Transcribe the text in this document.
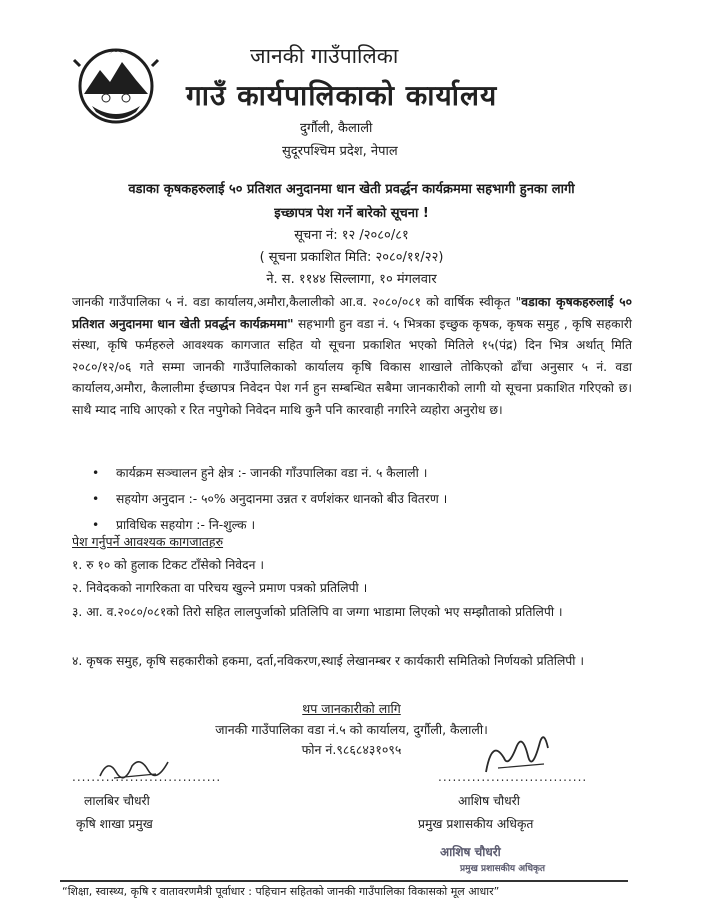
जानकी गाउँपालिका
गाउँ कार्यपालिकाको कार्यालय
दुर्गौली, कैलाली
सुदूरपश्चिम प्रदेश, नेपाल
वडाका कृषकहरुलाई ५० प्रतिशत अनुदानमा धान खेती प्रवर्द्धन कार्यक्रममा सहभागी हुनका लागी
इच्छापत्र पेश गर्ने बारेको सूचना !
सूचना नं: १२ /२०८०/८१
( सूचना प्रकाशित मिति: २०८०/११/२२)
ने. स. ११४४ सिल्लागा, १० मंगलवार
जानकी गाउँपालिका ५ नं. वडा कार्यालय,अमौरा,कैलालीको आ.व. २०८०/०८१ को वार्षिक स्वीकृत "वडाका कृषकहरुलाई ५० प्रतिशत अनुदानमा धान खेती प्रवर्द्धन कार्यक्रममा" सहभागी हुन वडा नं. ५ भित्रका इच्छुक कृषक, कृषक समुह , कृषि सहकारी संस्था, कृषि फर्महरुले आवश्यक कागजात सहित यो सूचना प्रकाशित भएको मितिले १५(पंद्र) दिन भित्र अर्थात् मिति २०८०/१२/०६ गते सम्मा जानकी गाउँपालिकाको कार्यालय कृषि विकास शाखाले तोकिएको ढाँचा अनुसार ५ नं. वडा कार्यालय,अमौरा, कैलालीमा ईच्छापत्र निवेदन पेश गर्न हुन सम्बन्धित सबैमा जानकारीको लागी यो सूचना प्रकाशित गरिएको छ। साथै म्याद नाघि आएको र रित नपुगेको निवेदन माथि कुनै पनि कारवाही नगरिने व्यहोरा अनुरोध छ।
• कार्यक्रम सञ्चालन हुने क्षेत्र :- जानकी गाँउपालिका वडा नं. ५ कैलाली ।
• सहयोग अनुदान :- ५०% अनुदानमा उन्नत र वर्णशंकर धानको बीउ वितरण ।
• प्राविधिक सहयोग :- नि-शुल्क ।
पेश गर्नुपर्ने आवश्यक कागजातहरु
१. रु १० को हुलाक टिकट टाँसेको निवेदन ।
२. निवेदकको नागरिकता वा परिचय खुल्ने प्रमाण पत्रको प्रतिलिपी ।
३. आ. व.२०८०/०८१को तिरो सहित लालपुर्जाको प्रतिलिपि वा जग्गा भाडामा लिएको भए सम्झौताको प्रतिलिपी ।
४. कृषक समुह, कृषि सहकारीको हकमा, दर्ता,नविकरण,स्थाई लेखानम्बर र कार्यकारी समितिको निर्णयको प्रतिलिपी ।
थप जानकारीको लागि
जानकी गाउँपालिका वडा नं.५ को कार्यालय, दुर्गौली, कैलाली।
फोन नं.९८६८४३१०९५
...............................
लालबिर चौधरी
कृषि शाखा प्रमुख
...............................
आशिष चौधरी
प्रमुख प्रशासकीय अधिकृत
आशिष चौधरी
प्रमुख प्रशासकीय अधिकृत
“शिक्षा, स्वास्थ्य, कृषि र वातावरणमैत्री पूर्वाधार : पहिचान सहितको जानकी गाउँपालिका विकासको मूल आधार”
